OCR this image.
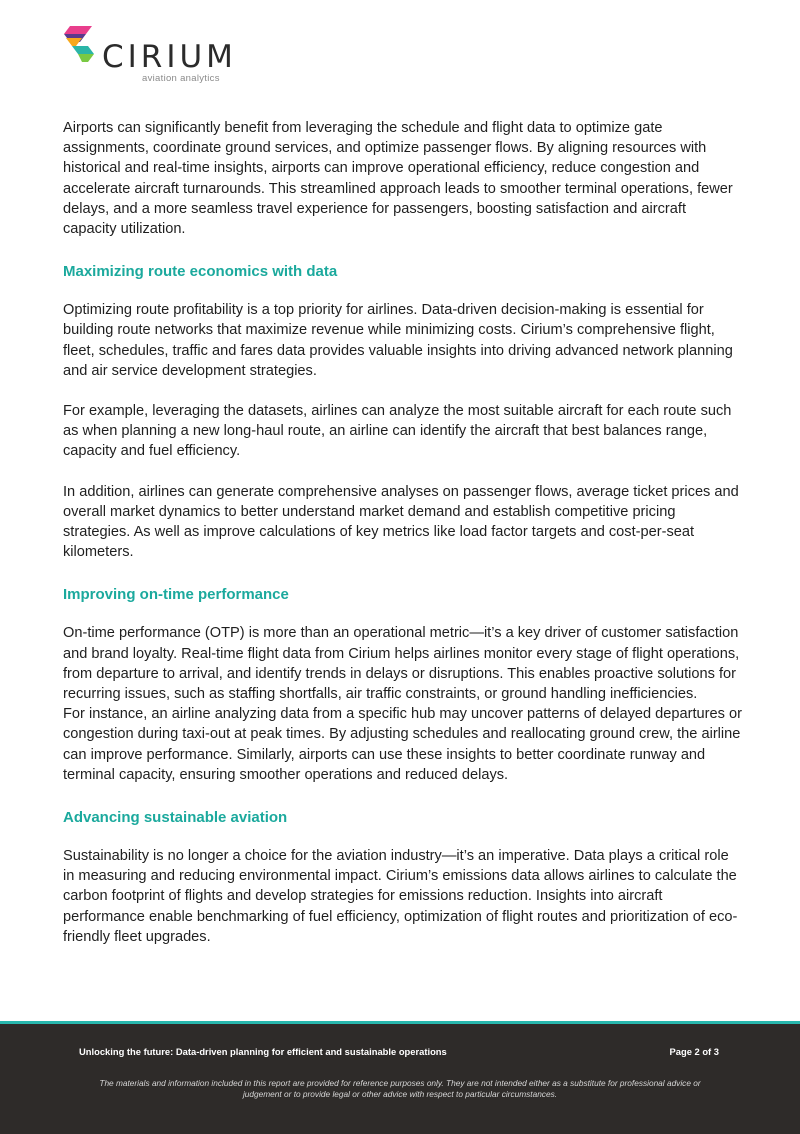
CIRIUM
aviation analytics

Airports can significantly benefit from leveraging the schedule and flight data to optimize gate assignments, coordinate ground services, and optimize passenger flows. By aligning resources with historical and real-time insights, airports can improve operational efficiency, reduce congestion and accelerate aircraft turnarounds. This streamlined approach leads to smoother terminal operations, fewer delays, and a more seamless travel experience for passengers, boosting satisfaction and aircraft capacity utilization.

Maximizing route economics with data

Optimizing route profitability is a top priority for airlines. Data-driven decision-making is essential for building route networks that maximize revenue while minimizing costs. Cirium’s comprehensive flight, fleet, schedules, traffic and fares data provides valuable insights into driving advanced network planning and air service development strategies.

For example, leveraging the datasets, airlines can analyze the most suitable aircraft for each route such as when planning a new long-haul route, an airline can identify the aircraft that best balances range, capacity and fuel efficiency.

In addition, airlines can generate comprehensive analyses on passenger flows, average ticket prices and overall market dynamics to better understand market demand and establish competitive pricing strategies. As well as improve calculations of key metrics like load factor targets and cost-per-seat kilometers.

Improving on-time performance

On-time performance (OTP) is more than an operational metric—it’s a key driver of customer satisfaction and brand loyalty. Real-time flight data from Cirium helps airlines monitor every stage of flight operations, from departure to arrival, and identify trends in delays or disruptions. This enables proactive solutions for recurring issues, such as staffing shortfalls, air traffic constraints, or ground handling inefficiencies.

For instance, an airline analyzing data from a specific hub may uncover patterns of delayed departures or congestion during taxi-out at peak times. By adjusting schedules and reallocating ground crew, the airline can improve performance. Similarly, airports can use these insights to better coordinate runway and terminal capacity, ensuring smoother operations and reduced delays.

Advancing sustainable aviation

Sustainability is no longer a choice for the aviation industry—it’s an imperative. Data plays a critical role in measuring and reducing environmental impact. Cirium’s emissions data allows airlines to calculate the carbon footprint of flights and develop strategies for emissions reduction. Insights into aircraft performance enable benchmarking of fuel efficiency, optimization of flight routes and prioritization of eco-friendly fleet upgrades.

Unlocking the future: Data-driven planning for efficient and sustainable operations	Page 2 of 3
The materials and information included in this report are provided for reference purposes only. They are not intended either as a substitute for professional advice or judgement or to provide legal or other advice with respect to particular circumstances.
